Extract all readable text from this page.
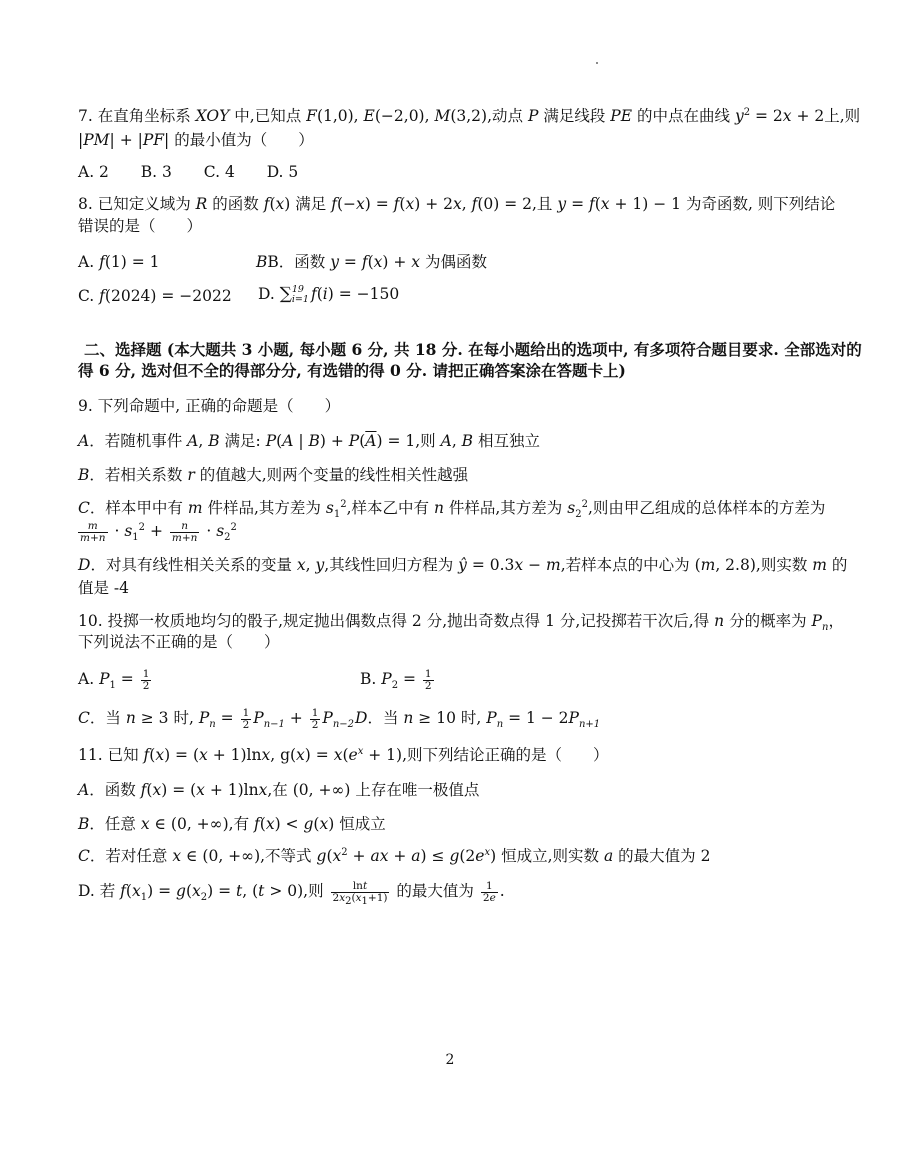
7. 在直角坐标系 XOY 中,已知点 F(1,0), E(−2,0), M(3,2),动点 P 满足线段 PE 的中点在曲线 $y^2 = 2x + 2$上,则
|PM| + |PF| 的最小值为（　　）
A. 2 B. 3 C. 4 D. 5
8. 已知定义域为 R 的函数 f(x) 满足 f(−x) = f(x) + 2x, f(0) = 2,且 y = f(x + 1) − 1 为奇函数, 则下列结论
错误的是（　　）
A. f(1) = 1	BB．函数 y = f(x) + x 为偶函数
C. f(2024) = −2022 D. ∑ 19
i=1 f(i) = −150
二、选择题 (本大题共 3 小题, 每小题 6 分, 共 18 分. 在每小题给出的选项中, 有多项符合题目要求. 全部选对的
得 6 分, 选对但不全的得部分分, 有选错的得 0 分. 请把正确答案涂在答题卡上)
9. 下列命题中, 正确的命题是（　　）
A．若随机事件 A, B 满足: P(A | $B) + P(\overline{A}) = 1$,则 A, B 相互独立
B．若相关系数 r 的值越大,则两个变量的线性相关性越强
C．样本甲中有 m 件样品,其方差为 $s_1^2$,样本乙中有 n 件样品,其方差为 $s_2^2$,则由甲乙组成的总体样本的方差为
$\frac{m}{m+n} \cdot s_1^2 + \frac{n}{m+n} \cdot s_2^2$
D．对具有线性相关关系的变量 x, y,其线性回归方程为 ŷ = 0.3x − m,若样本点的中心为 (m, 2.8),则实数 m 的
值是 -4
10. 投掷一枚质地均匀的骰子,规定抛出偶数点得 2 分,抛出奇数点得 1 分,记投掷若干次后,得 n 分的概率为 $P_n$，
下列说法不正确的是（　　）
A. $P_1 = \frac{1}{2}$	B. $P_2 = \frac{1}{2}$
C．当 n ≥ 3 时, $P_n = \frac{1}{2} P_{n-1} + \frac{1}{2} P_{n-2}$ D．当 n ≥ 10 时, $P_n = 1 - 2P_{n+1}$
11. 已知 f(x) = (x + 1)lnx, $g(x) = x(e^x + 1)$,则下列结论正确的是（　　）
A．函数 f(x) = (x + 1)lnx,在 (0, +∞) 上存在唯一极值点
B．任意 x ∈ (0, +∞),有 f(x) < g(x) 恒成立
C．若对任意 x ∈ (0, +∞),不等式 $g(x^2$ + ax + $a) \le g(2e^x)$ 恒成立,则实数 a 的最大值为 2
D. 若 $f(x_1) = g(x_2) = t$, (t > 0),则 $\frac{\ln t}{2x_2(x_1+1)}$ 的最大值为 $\frac{1}{2e}$ .
2
